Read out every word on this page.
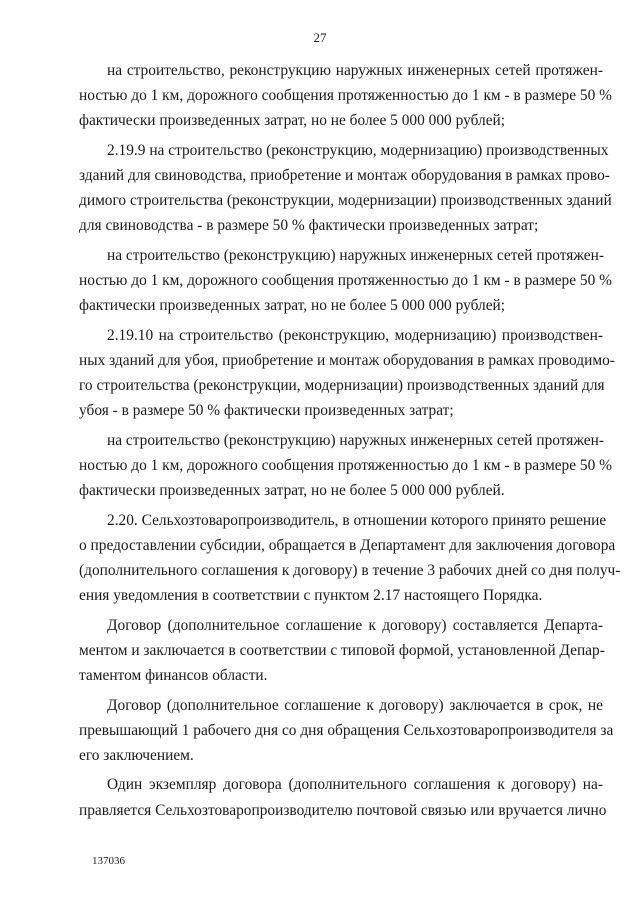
27
на строительство, реконструкцию наружных инженерных сетей протяжен-
ностью до 1 км, дорожного сообщения протяженностью до 1 км - в размере 50 %
фактически произведенных затрат, но не более 5 000 000 рублей;
2.19.9 на строительство (реконструкцию, модернизацию) производственных
зданий для свиноводства, приобретение и монтаж оборудования в рамках прово-
димого строительства (реконструкции, модернизации) производственных зданий
для свиноводства - в размере 50 % фактически произведенных затрат;
на строительство (реконструкцию) наружных инженерных сетей протяжен-
ностью до 1 км, дорожного сообщения протяженностью до 1 км - в размере 50 %
фактически произведенных затрат, но не более 5 000 000 рублей;
2.19.10 на строительство (реконструкцию, модернизацию) производствен-
ных зданий для убоя, приобретение и монтаж оборудования в рамках проводимо-
го строительства (реконструкции, модернизации) производственных зданий для
убоя - в размере 50 % фактически произведенных затрат;
на строительство (реконструкцию) наружных инженерных сетей протяжен-
ностью до 1 км, дорожного сообщения протяженностью до 1 км - в размере 50 %
фактически произведенных затрат, но не более 5 000 000 рублей.
2.20. Сельхозтоваропроизводитель, в отношении которого принято решение
о предоставлении субсидии, обращается в Департамент для заключения договора
(дополнительного соглашения к договору) в течение 3 рабочих дней со дня получ-
ения уведомления в соответствии с пунктом 2.17 настоящего Порядка.
Договор (дополнительное соглашение к договору) составляется Департа-
ментом и заключается в соответствии с типовой формой, установленной Депар-
таментом финансов области.
Договор (дополнительное соглашение к договору) заключается в срок, не
превышающий 1 рабочего дня со дня обращения Сельхозтоваропроизводителя за
его заключением.
Один экземпляр договора (дополнительного соглашения к договору) на-
правляется Сельхозтоваропроизводителю почтовой связью или вручается лично
137036
